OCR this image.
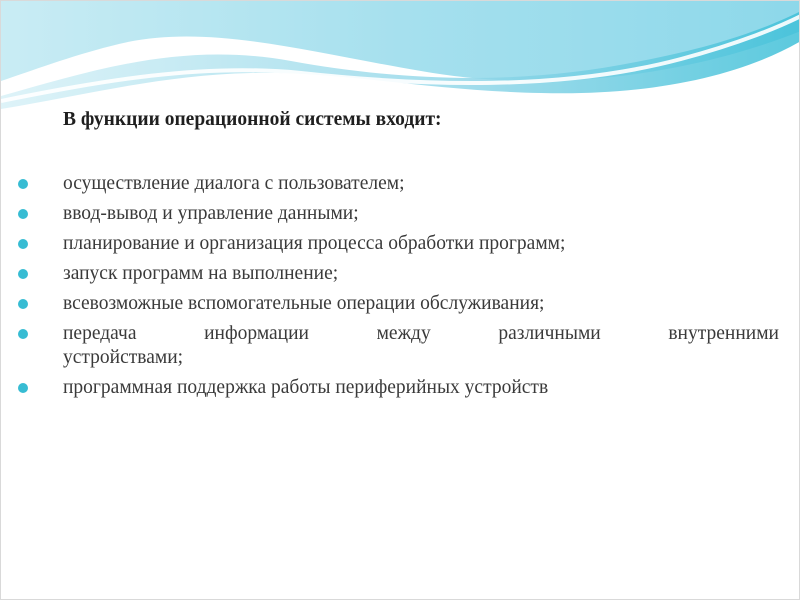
В функции операционной системы входит:
осуществление диалога с пользователем;
ввод-вывод и управление данными;
планирование и организация процесса обработки программ;
запуск программ на выполнение;
всевозможные вспомогательные операции обслуживания;
передача информации между различными внутренними
устройствами;
программная поддержка работы периферийных устройств
